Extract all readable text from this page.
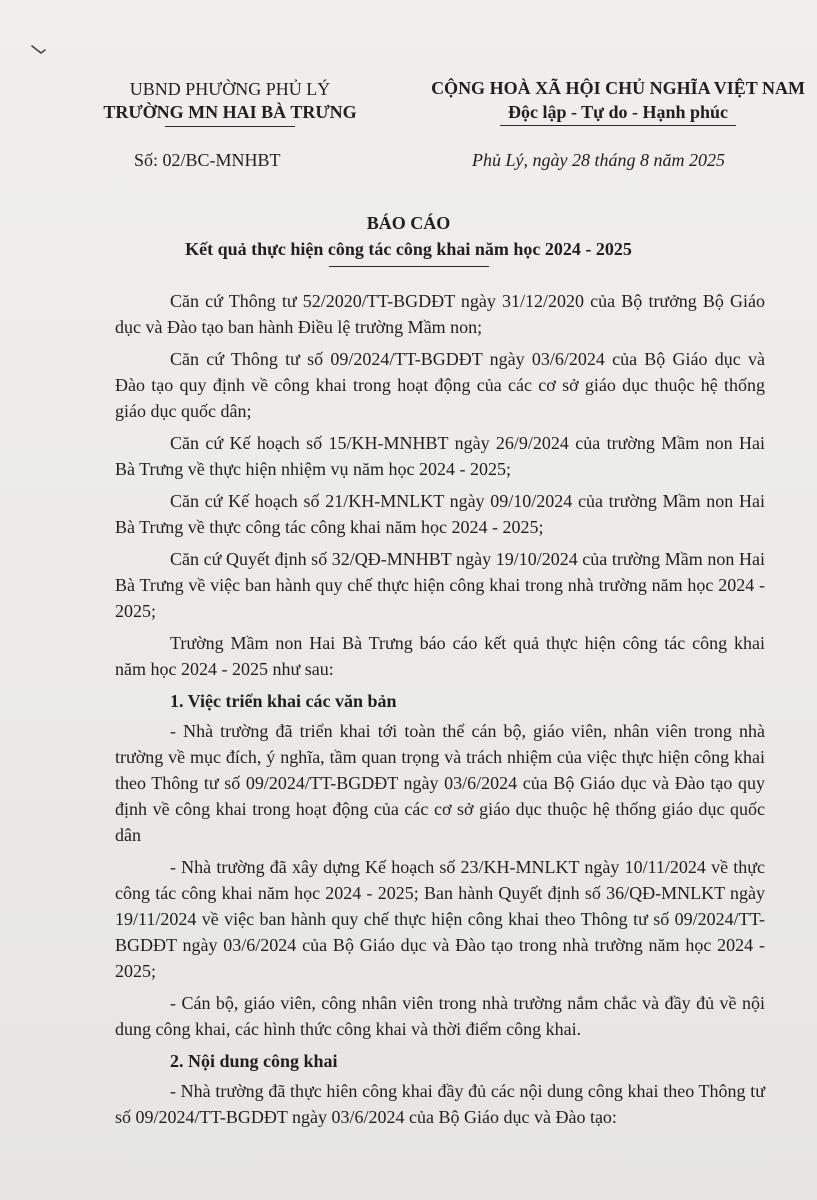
UBND PHƯỜNG PHỦ LÝ
TRƯỜNG MN HAI BÀ TRƯNG
CỘNG HOÀ XÃ HỘI CHỦ NGHĨA VIỆT NAM
Độc lập - Tự do - Hạnh phúc
Số: 02/BC-MNHBT	Phủ Lý, ngày 28 tháng 8 năm 2025
BÁO CÁO
Kết quả thực hiện công tác công khai năm học 2024 - 2025

Căn cứ Thông tư 52/2020/TT-BGDĐT ngày 31/12/2020 của Bộ trưởng Bộ Giáo dục và Đào tạo ban hành Điều lệ trường Mầm non;

Căn cứ Thông tư số 09/2024/TT-BGDĐT ngày 03/6/2024 của Bộ Giáo dục và Đào tạo quy định về công khai trong hoạt động của các cơ sở giáo dục thuộc hệ thống giáo dục quốc dân;

Căn cứ Kế hoạch số 15/KH-MNHBT ngày 26/9/2024 của trường Mầm non Hai Bà Trưng về thực hiện nhiệm vụ năm học 2024 - 2025;

Căn cứ Kế hoạch số 21/KH-MNLKT ngày 09/10/2024 của trường Mầm non Hai Bà Trưng về thực công tác công khai năm học 2024 - 2025;

Căn cứ Quyết định số 32/QĐ-MNHBT ngày 19/10/2024 của trường Mầm non Hai Bà Trưng về việc ban hành quy chế thực hiện công khai trong nhà trường năm học 2024 - 2025;

Trường Mầm non Hai Bà Trưng báo cáo kết quả thực hiện công tác công khai năm học 2024 - 2025 như sau:

1. Việc triển khai các văn bản

- Nhà trường đã triển khai tới toàn thể cán bộ, giáo viên, nhân viên trong nhà trường về mục đích, ý nghĩa, tầm quan trọng và trách nhiệm của việc thực hiện công khai theo Thông tư số 09/2024/TT-BGDĐT ngày 03/6/2024 của Bộ Giáo dục và Đào tạo quy định về công khai trong hoạt động của các cơ sở giáo dục thuộc hệ thống giáo dục quốc dân

- Nhà trường đã xây dựng Kế hoạch số 23/KH-MNLKT ngày 10/11/2024 về thực công tác công khai năm học 2024 - 2025; Ban hành Quyết định số 36/QĐ-MNLKT ngày 19/11/2024 về việc ban hành quy chế thực hiện công khai theo Thông tư số 09/2024/TT-BGDĐT ngày 03/6/2024 của Bộ Giáo dục và Đào tạo trong nhà trường năm học 2024 - 2025;

- Cán bộ, giáo viên, công nhân viên trong nhà trường nắm chắc và đầy đủ về nội dung công khai, các hình thức công khai và thời điểm công khai.

2. Nội dung công khai

- Nhà trường đã thực hiên công khai đầy đủ các nội dung công khai theo Thông tư số 09/2024/TT-BGDĐT ngày 03/6/2024 của Bộ Giáo dục và Đào tạo:
